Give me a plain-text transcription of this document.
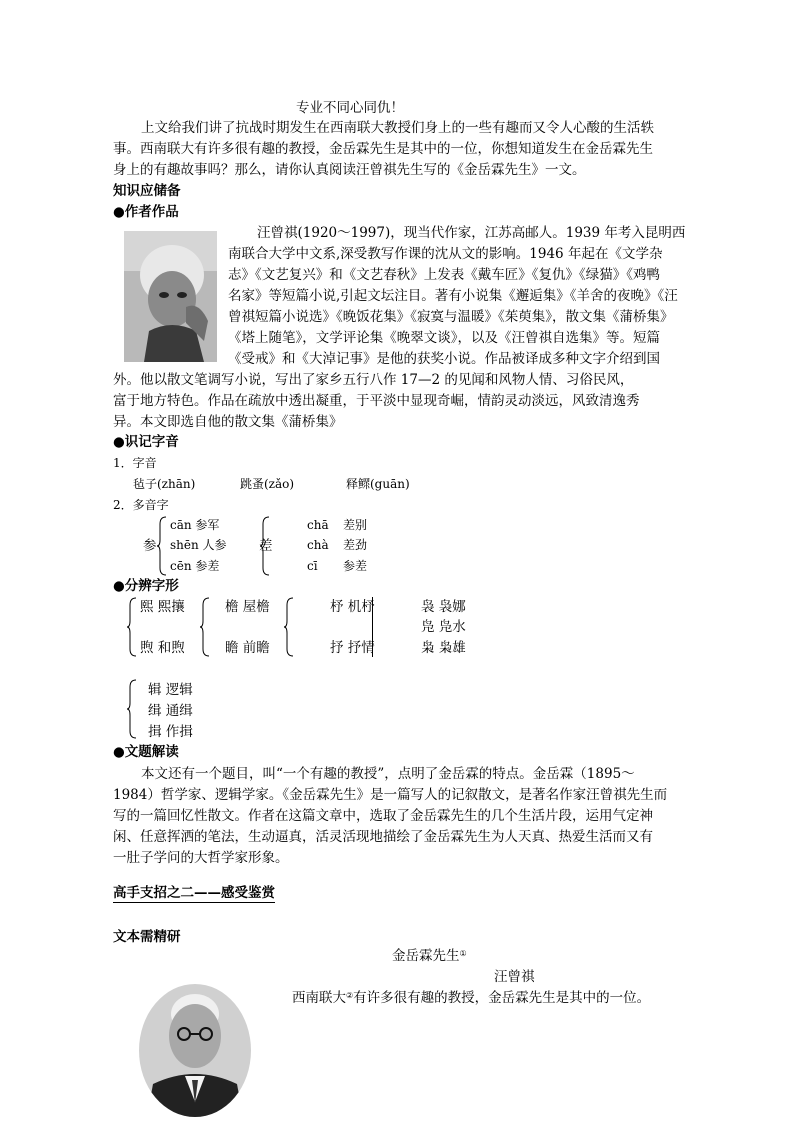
专业不同心同仇！
上文给我们讲了抗战时期发生在西南联大教授们身上的一些有趣而又令人心酸的生活轶
事。西南联大有许多很有趣的教授，金岳霖先生是其中的一位，你想知道发生在金岳霖先生
身上的有趣故事吗？那么，请你认真阅读汪曾祺先生写的《金岳霖先生》一文。
知识应储备
●作者作品
汪曾祺(1920～1997)，现当代作家，江苏高邮人。1939 年考入昆明西
南联合大学中文系,深受教写作课的沈从文的影响。1946 年起在《文学杂
志》《文艺复兴》和《文艺春秋》上发表《戴车匠》《复仇》《绿猫》《鸡鸭
名家》等短篇小说,引起文坛注目。著有小说集《邂逅集》《羊舍的夜晚》《汪
曾祺短篇小说选》《晚饭花集》《寂寞与温暖》《茱萸集》，散文集《蒲桥集》
《塔上随笔》，文学评论集《晚翠文谈》，以及《汪曾祺自选集》等。短篇
《受戒》和《大淖记事》是他的获奖小说。作品被译成多种文字介绍到国
外。他以散文笔调写小说，写出了家乡五行八作 17—2 的见闻和风物人情、习俗民风，
富于地方特色。作品在疏放中透出凝重，于平淡中显现奇崛，情韵灵动淡远，风致清逸秀
异。本文即选自他的散文集《蒲桥集》
●识记字音
1．字音
毡子(zhān)	跳蚤(zǎo)	释鳏(guān)
2．多音字
参
cān 参军
shēn 人参
cēn 参差
差
chā 差别
chà 差劲
cī 参差
●分辨字形
熙 熙攘
煦 和煦
檐 屋檐
瞻 前瞻
杼 机杼
抒 抒情
袅 袅娜
凫 凫水
枭 枭雄
辑 逻辑
缉 通缉
揖 作揖
●文题解读
本文还有一个题目，叫“一个有趣的教授”，点明了金岳霖的特点。金岳霖（1895～
1984）哲学家、逻辑学家。《金岳霖先生》是一篇写人的记叙散文，是著名作家汪曾祺先生而
写的一篇回忆性散文。作者在这篇文章中，选取了金岳霖先生的几个生活片段，运用气定神
闲、任意挥洒的笔法，生动逼真，活灵活现地描绘了金岳霖先生为人天真、热爱生活而又有
一肚子学问的大哲学家形象。
高手支招之二——感受鉴赏
文本需精研
金岳霖先生①
汪曾祺
西南联大②有许多很有趣的教授，金岳霖先生是其中的一位。
